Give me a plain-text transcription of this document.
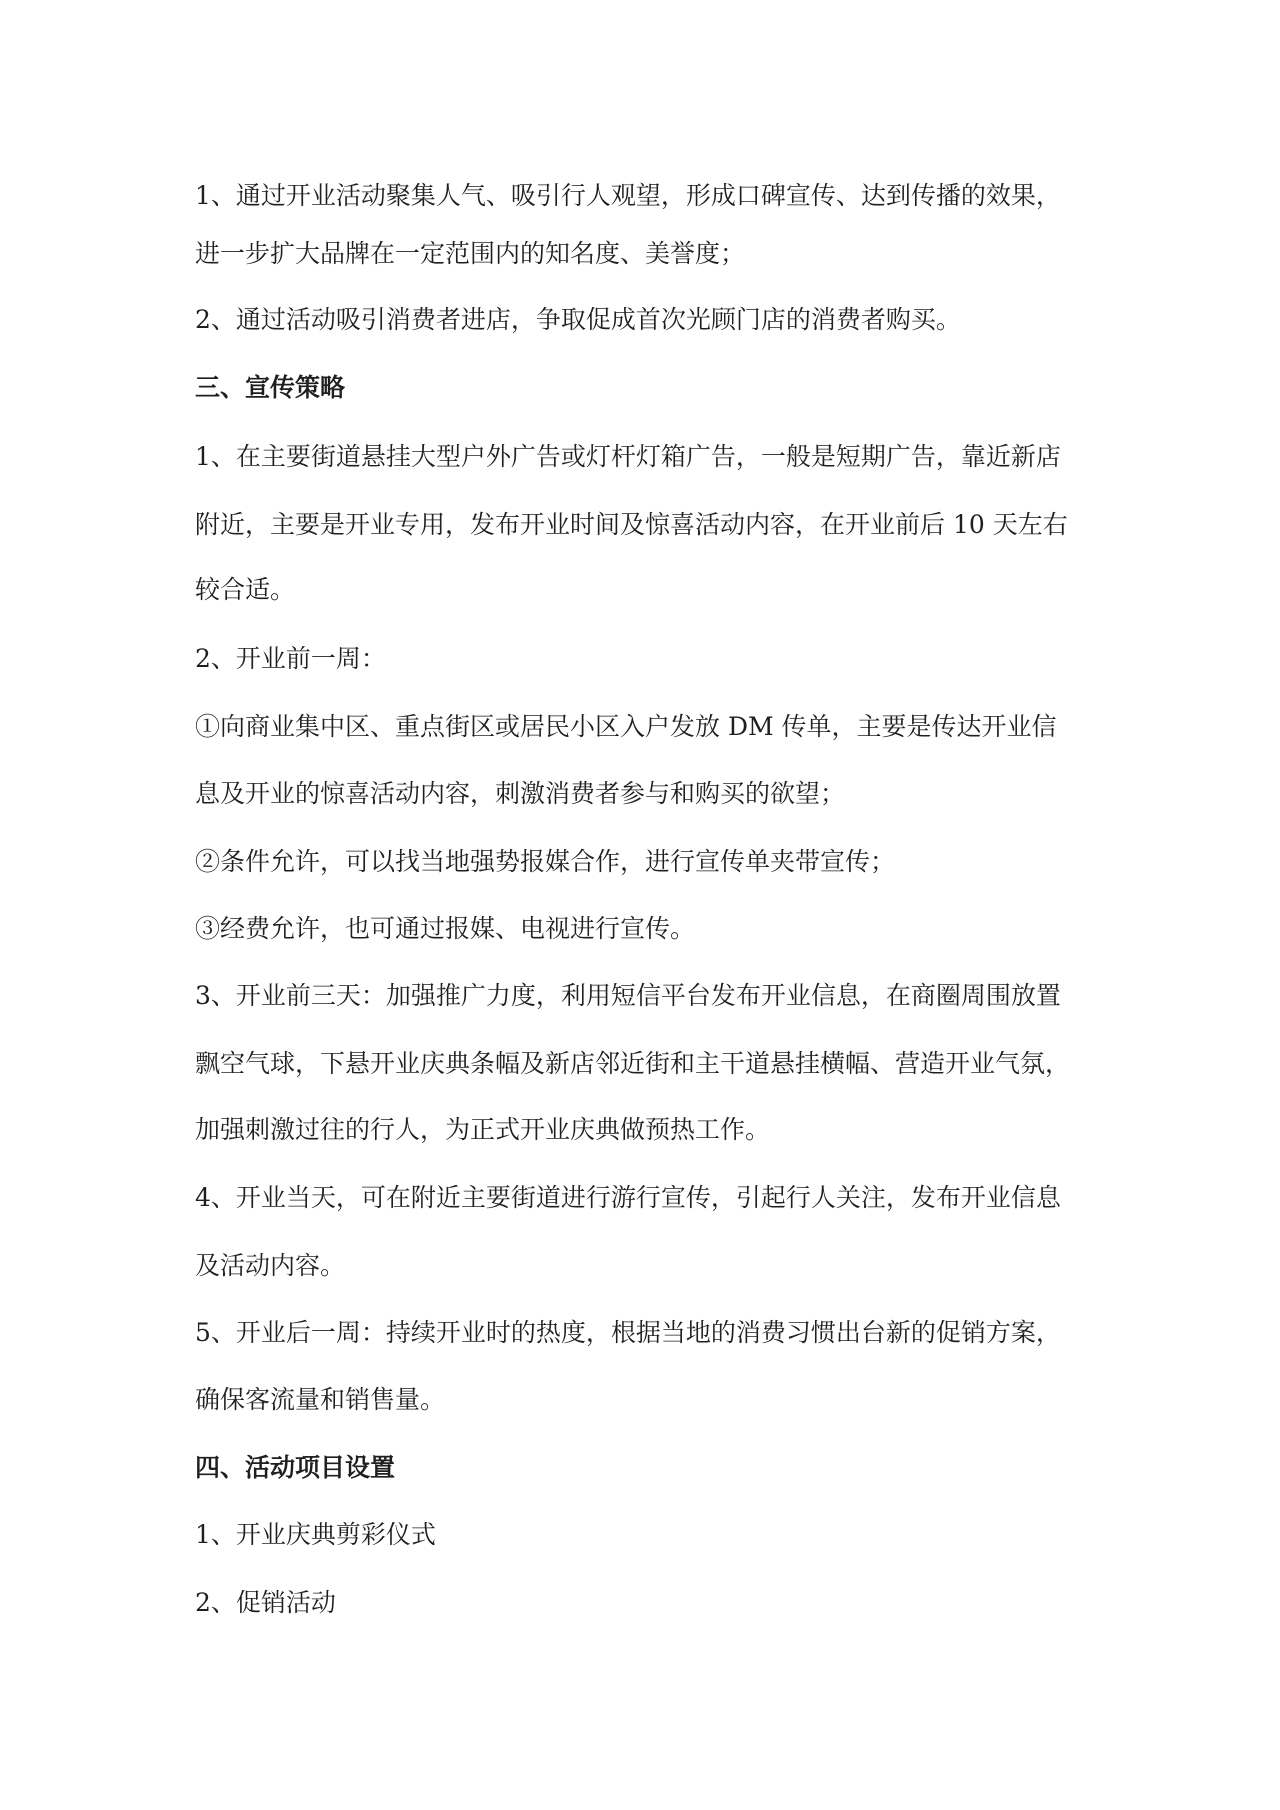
1、通过开业活动聚集人气、吸引行人观望，形成口碑宣传、达到传播的效果，

进一步扩大品牌在一定范围内的知名度、美誉度；

2、通过活动吸引消费者进店，争取促成首次光顾门店的消费者购买。

三、宣传策略

1、在主要街道悬挂大型户外广告或灯杆灯箱广告，一般是短期广告，靠近新店

附近，主要是开业专用，发布开业时间及惊喜活动内容，在开业前后 10 天左右

较合适。

2、开业前一周：

①向商业集中区、重点街区或居民小区入户发放 DM 传单，主要是传达开业信

息及开业的惊喜活动内容，刺激消费者参与和购买的欲望；

②条件允许，可以找当地强势报媒合作，进行宣传单夹带宣传；

③经费允许，也可通过报媒、电视进行宣传。

3、开业前三天：加强推广力度，利用短信平台发布开业信息，在商圈周围放置

飘空气球，下悬开业庆典条幅及新店邻近街和主干道悬挂横幅、营造开业气氛，

加强刺激过往的行人，为正式开业庆典做预热工作。

4、开业当天，可在附近主要街道进行游行宣传，引起行人关注，发布开业信息

及活动内容。

5、开业后一周：持续开业时的热度，根据当地的消费习惯出台新的促销方案，

确保客流量和销售量。

四、活动项目设置

1、开业庆典剪彩仪式

2、促销活动
